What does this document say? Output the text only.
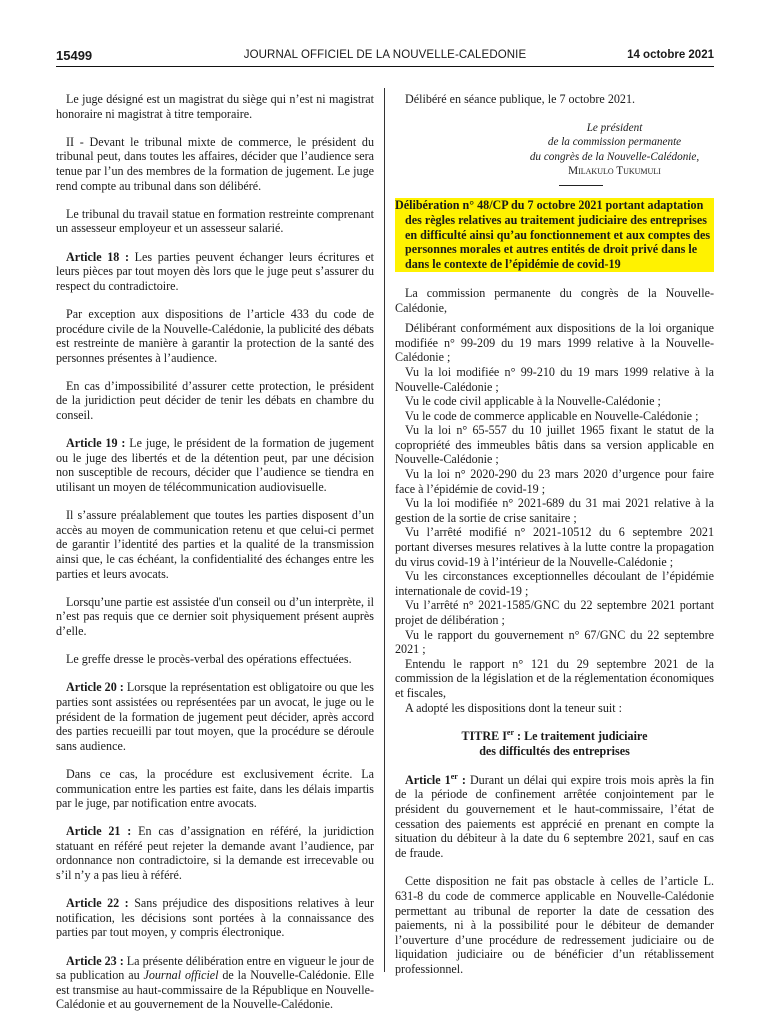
15499	JOURNAL OFFICIEL DE LA NOUVELLE-CALEDONIE	14 octobre 2021

Le juge désigné est un magistrat du siège qui n’est ni magistrat honoraire ni magistrat à titre temporaire.

II - Devant le tribunal mixte de commerce, le président du tribunal peut, dans toutes les affaires, décider que l’audience sera tenue par l’un des membres de la formation de jugement. Le juge rend compte au tribunal dans son délibéré.

Le tribunal du travail statue en formation restreinte comprenant un assesseur employeur et un assesseur salarié.

Article 18 : Les parties peuvent échanger leurs écritures et leurs pièces par tout moyen dès lors que le juge peut s’assurer du respect du contradictoire.

Par exception aux dispositions de l’article 433 du code de procédure civile de la Nouvelle-Calédonie, la publicité des débats est restreinte de manière à garantir la protection de la santé des personnes présentes à l’audience.

En cas d’impossibilité d’assurer cette protection, le président de la juridiction peut décider de tenir les débats en chambre du conseil.

Article 19 : Le juge, le président de la formation de jugement ou le juge des libertés et de la détention peut, par une décision non susceptible de recours, décider que l’audience se tiendra en utilisant un moyen de télécommunication audiovisuelle.

Il s’assure préalablement que toutes les parties disposent d’un accès au moyen de communication retenu et que celui-ci permet de garantir l’identité des parties et la qualité de la transmission ainsi que, le cas échéant, la confidentialité des échanges entre les parties et leurs avocats.

Lorsqu’une partie est assistée d'un conseil ou d’un interprète, il n’est pas requis que ce dernier soit physiquement présent auprès d’elle.

Le greffe dresse le procès-verbal des opérations effectuées.

Article 20 : Lorsque la représentation est obligatoire ou que les parties sont assistées ou représentées par un avocat, le juge ou le président de la formation de jugement peut décider, après accord des parties recueilli par tout moyen, que la procédure se déroule sans audience.

Dans ce cas, la procédure est exclusivement écrite. La communication entre les parties est faite, dans les délais impartis par le juge, par notification entre avocats.

Article 21 : En cas d’assignation en référé, la juridiction statuant en référé peut rejeter la demande avant l’audience, par ordonnance non contradictoire, si la demande est irrecevable ou s’il n’y a pas lieu à référé.

Article 22 : Sans préjudice des dispositions relatives à leur notification, les décisions sont portées à la connaissance des parties par tout moyen, y compris électronique.

Article 23 : La présente délibération entre en vigueur le jour de sa publication au Journal officiel de la Nouvelle-Calédonie. Elle est transmise au haut-commissaire de la République en Nouvelle-Calédonie et au gouvernement de la Nouvelle-Calédonie.

Délibéré en séance publique, le 7 octobre 2021.

Le président
de la commission permanente
du congrès de la Nouvelle-Calédonie,
Milakulo Tukumuli
Délibération n° 48/CP du 7 octobre 2021 portant adaptation
des règles relatives au traitement judiciaire des entreprises
en difficulté ainsi qu’au fonctionnement et aux comptes des
personnes morales et autres entités de droit privé dans le
dans le contexte de l’épidémie de covid-19

La commission permanente du congrès de la Nouvelle-Calédonie,

Délibérant conformément aux dispositions de la loi organique modifiée n° 99-209 du 19 mars 1999 relative à la Nouvelle-Calédonie ;

Vu la loi modifiée n° 99-210 du 19 mars 1999 relative à la Nouvelle-Calédonie ;

Vu le code civil applicable à la Nouvelle-Calédonie ;

Vu le code de commerce applicable en Nouvelle-Calédonie ;

Vu la loi n° 65-557 du 10 juillet 1965 fixant le statut de la copropriété des immeubles bâtis dans sa version applicable en Nouvelle-Calédonie ;

Vu la loi n° 2020-290 du 23 mars 2020 d’urgence pour faire face à l’épidémie de covid-19 ;

Vu la loi modifiée n° 2021-689 du 31 mai 2021 relative à la gestion de la sortie de crise sanitaire ;

Vu l’arrêté modifié n° 2021-10512 du 6 septembre 2021 portant diverses mesures relatives à la lutte contre la propagation du virus covid-19 à l’intérieur de la Nouvelle-Calédonie ;

Vu les circonstances exceptionnelles découlant de l’épidémie internationale de covid-19 ;

Vu l’arrêté n° 2021-1585/GNC du 22 septembre 2021 portant projet de délibération ;

Vu le rapport du gouvernement n° 67/GNC du 22 septembre 2021 ;

Entendu le rapport n° 121 du 29 septembre 2021 de la commission de la législation et de la réglementation économiques et fiscales,

A adopté les dispositions dont la teneur suit :

TITRE Ier : Le traitement judiciaire
des difficultés des entreprises

Article 1er : Durant un délai qui expire trois mois après la fin de la période de confinement arrêtée conjointement par le président du gouvernement et le haut-commissaire, l’état de cessation des paiements est apprécié en prenant en compte la situation du débiteur à la date du 6 septembre 2021, sauf en cas de fraude.

Cette disposition ne fait pas obstacle à celles de l’article L. 631-8 du code de commerce applicable en Nouvelle-Calédonie permettant au tribunal de reporter la date de cessation des paiements, ni à la possibilité pour le débiteur de demander l’ouverture d’une procédure de redressement judiciaire ou de liquidation judiciaire ou de bénéficier d’un rétablissement professionnel.
